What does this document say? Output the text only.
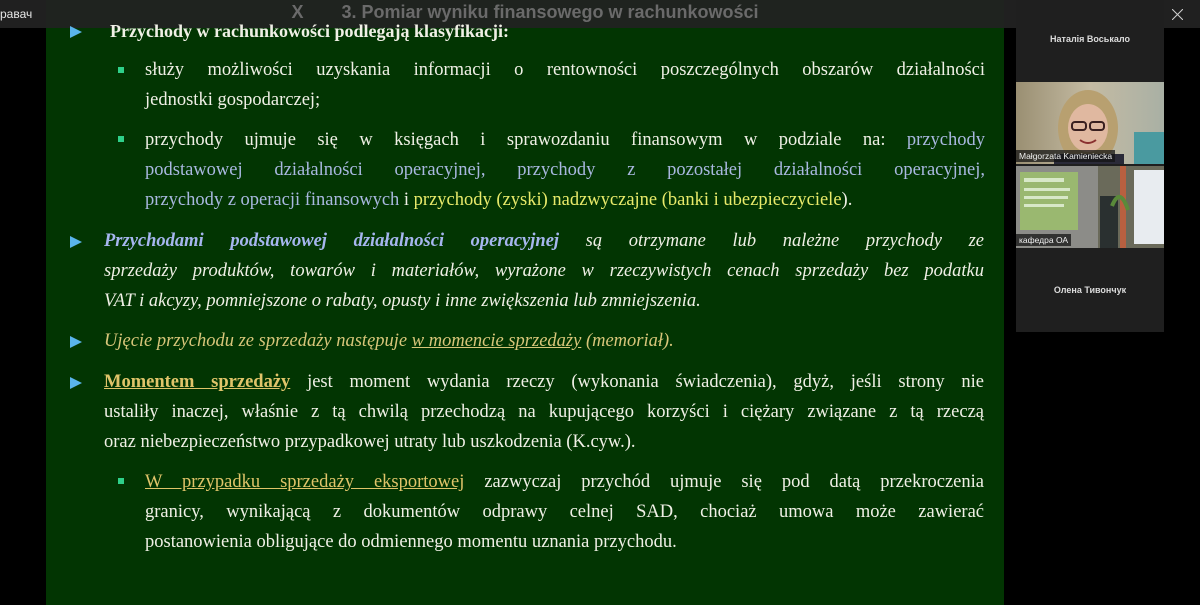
равач	X 3. Pomiar wyniku finansowego w rachunkowości
Przychody w rachunkowości podlegają klasyfikacji:
służy możliwości uzyskania informacji o rentowności poszczególnych obszarów działalności
jednostki gospodarczej;
przychody ujmuje się w księgach i sprawozdaniu finansowym w podziale na: przychody
podstawowej działalności operacyjnej, przychody z pozostałej działalności operacyjnej,
przychody z operacji finansowych i przychody (zyski) nadzwyczajne (banki i ubezpieczyciele).
Przychodami podstawowej działalności operacyjnej są otrzymane lub należne przychody ze
sprzedaży produktów, towarów i materiałów, wyrażone w rzeczywistych cenach sprzedaży bez podatku
VAT i akcyzy, pomniejszone o rabaty, opusty i inne zwiększenia lub zmniejszenia.
Ujęcie przychodu ze sprzedaży następuje w momencie sprzedaży (memoriał).
Momentem sprzedaży jest moment wydania rzeczy (wykonania świadczenia), gdyż, jeśli strony nie
ustaliły inaczej, właśnie z tą chwilą przechodzą na kupującego korzyści i ciężary związane z tą rzeczą
oraz niebezpieczeństwo przypadkowej utraty lub uszkodzenia (K.cyw.).
W przypadku sprzedaży eksportowej zazwyczaj przychód ujmuje się pod datą przekroczenia
granicy, wynikającą z dokumentów odprawy celnej SAD, chociaż umowa może zawierać
postanowienia obligujące do odmiennego momentu uznania przychodu.
Наталія Воськало
Małgorzata Kamieniecka
кафедра ОА
Олена Тивончук
